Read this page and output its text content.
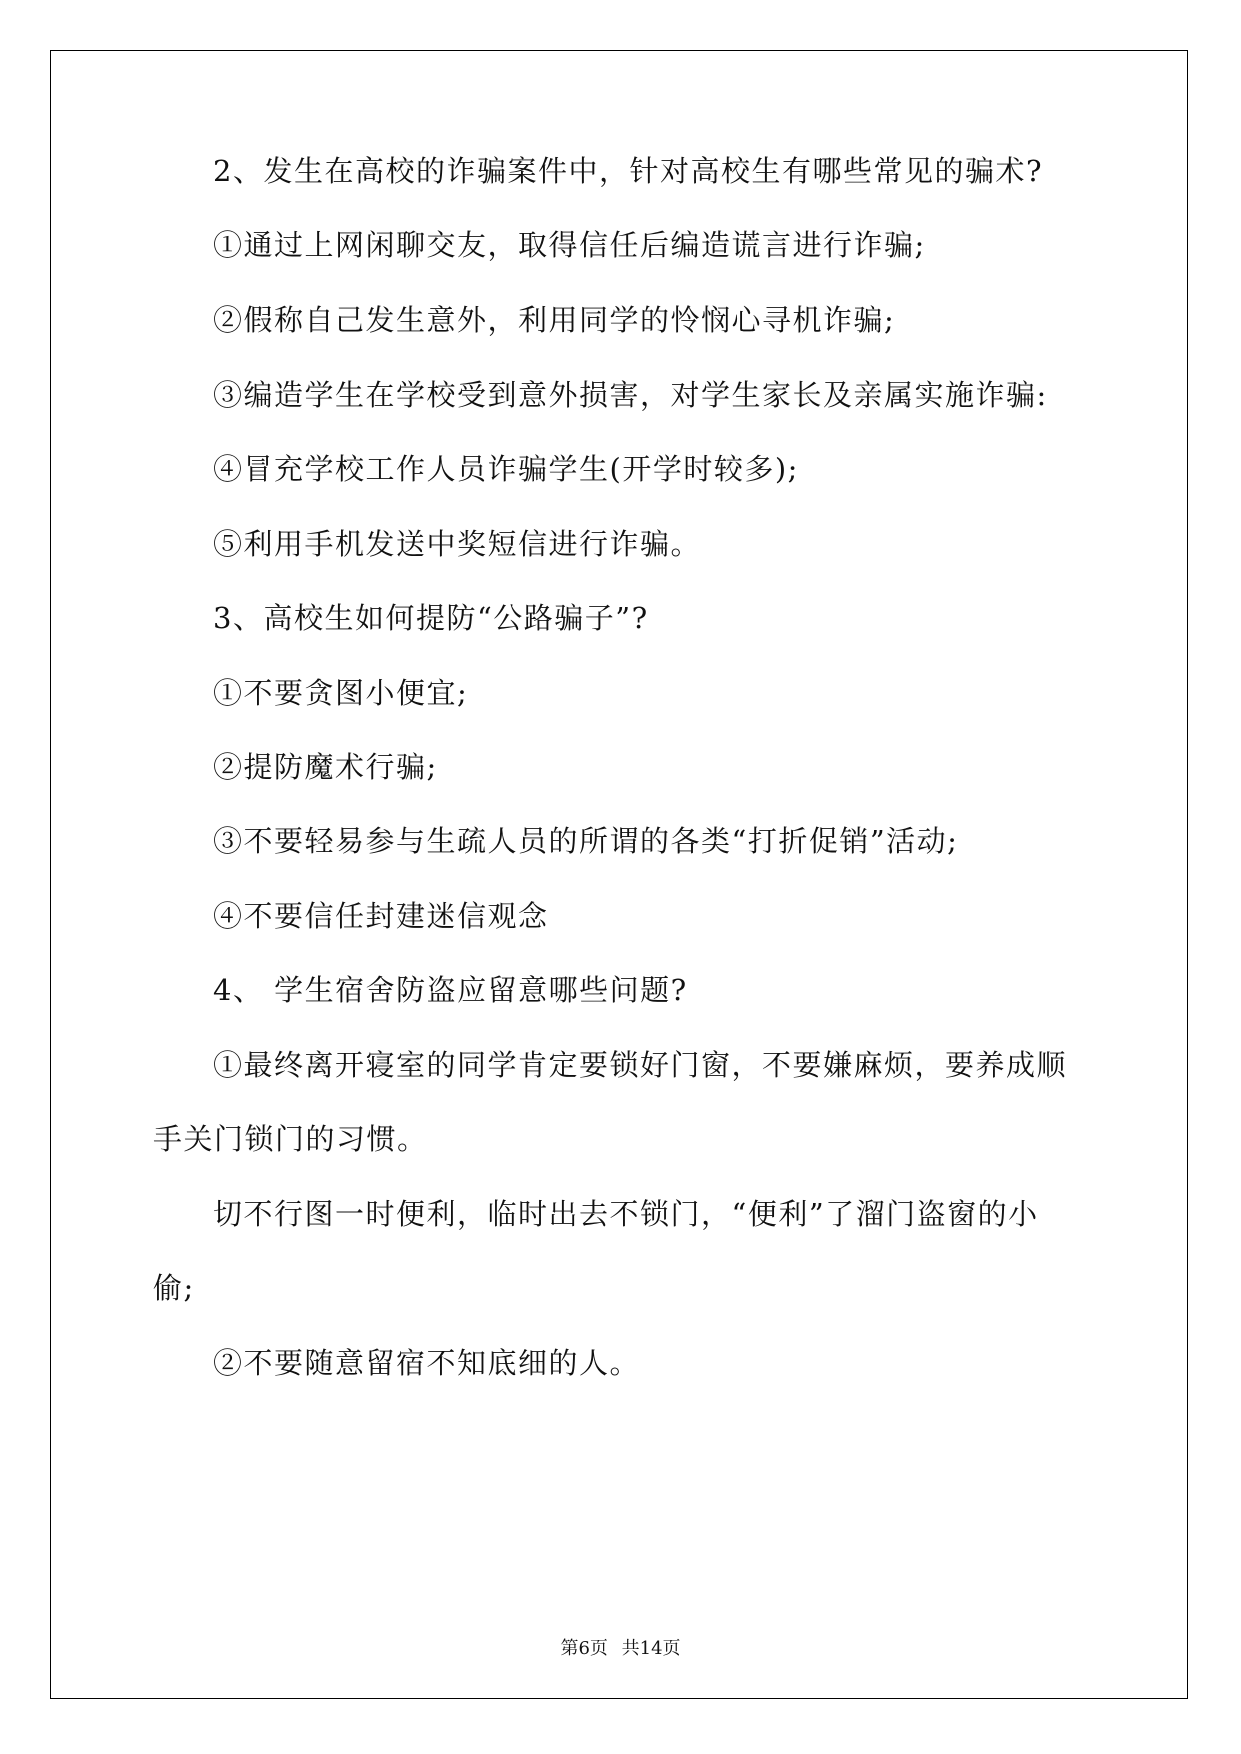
2、发生在高校的诈骗案件中，针对高校生有哪些常见的骗术?
①通过上网闲聊交友，取得信任后编造谎言进行诈骗;
②假称自己发生意外，利用同学的怜悯心寻机诈骗;
③编造学生在学校受到意外损害，对学生家长及亲属实施诈骗:
④冒充学校工作人员诈骗学生(开学时较多);
⑤利用手机发送中奖短信进行诈骗。
3、高校生如何提防“公路骗子”?
①不要贪图小便宜;
②提防魔术行骗;
③不要轻易参与生疏人员的所谓的各类“打折促销”活动;
④不要信任封建迷信观念
4、 学生宿舍防盗应留意哪些问题?
①最终离开寝室的同学肯定要锁好门窗，不要嫌麻烦，要养成顺
手关门锁门的习惯。
切不行图一时便利，临时出去不锁门，“便利”了溜门盗窗的小
偷;
②不要随意留宿不知底细的人。
第6页 共14页
